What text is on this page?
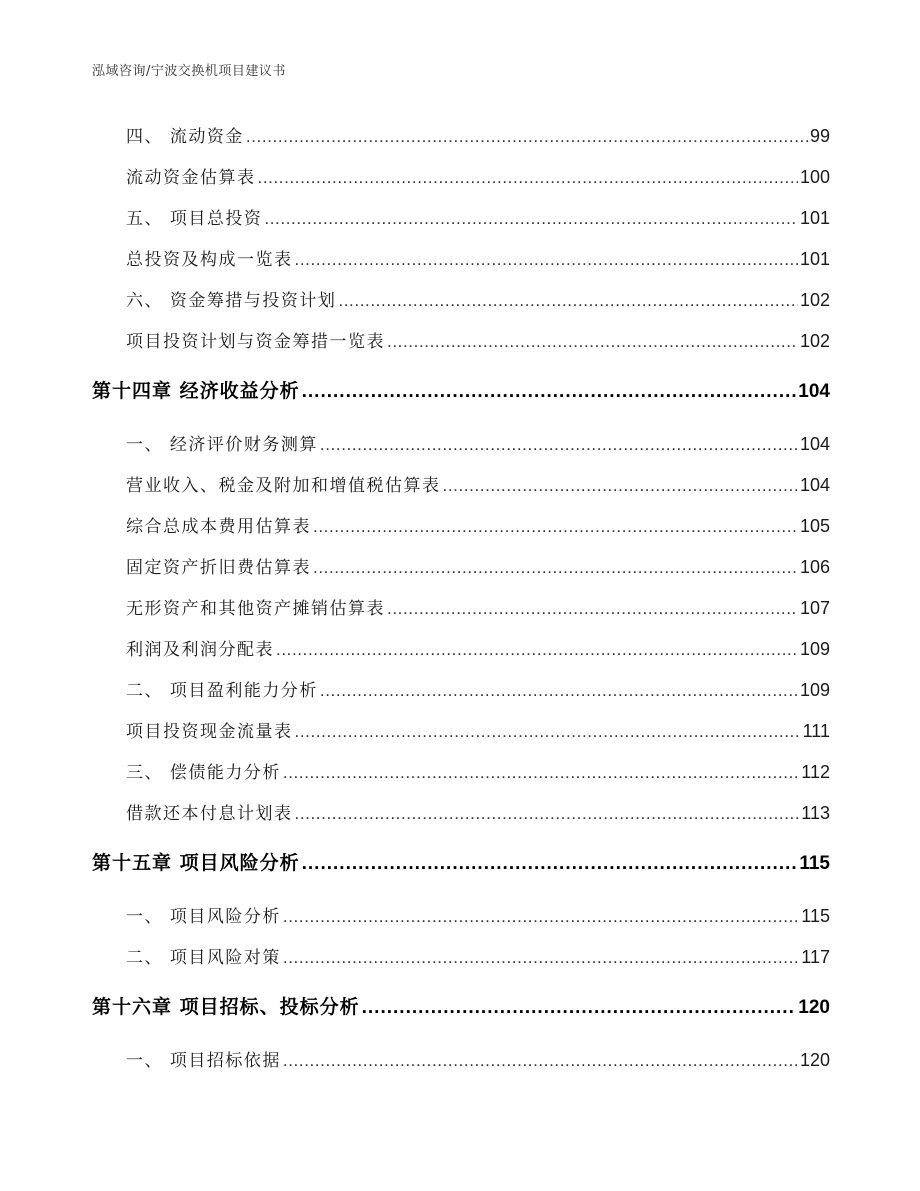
泓域咨询/宁波交换机项目建议书
四、 流动资金 .....	99
流动资金估算表 .....	100
五、 项目总投资 .....	101
总投资及构成一览表 .....	101
六、 资金筹措与投资计划 .....	102
项目投资计划与资金筹措一览表 .....	102
第十四章 经济收益分析 .....	104
一、 经济评价财务测算 .....	104
营业收入、税金及附加和增值税估算表 .....	104
综合总成本费用估算表 .....	105
固定资产折旧费估算表 .....	106
无形资产和其他资产摊销估算表 .....	107
利润及利润分配表 .....	109
二、 项目盈利能力分析 .....	109
项目投资现金流量表 .....	111
三、 偿债能力分析 .....	112
借款还本付息计划表 .....	113
第十五章 项目风险分析 .....	115
一、 项目风险分析 .....	115
二、 项目风险对策 .....	117
第十六章 项目招标、投标分析 .....	120
一、 项目招标依据 .....	120
